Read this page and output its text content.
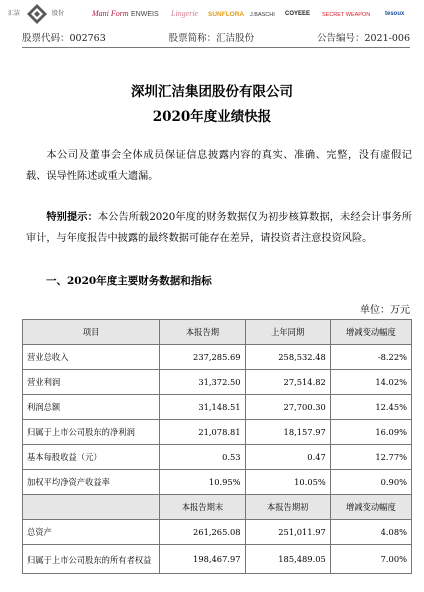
汇洁	股份	Mani Form ENWEIS Lingerie SUNFLORA J.BASCHI COYEEE SECRET WEAPON tesoux
股票代码：002763	股票简称：汇洁股份	公告编号：2021-006
深圳汇洁集团股份有限公司
2020年度业绩快报
本公司及董事会全体成员保证信息披露内容的真实、准确、完整，没有虚假记载、误导性陈述或重大遗漏。
特别提示：本公告所载2020年度的财务数据仅为初步核算数据，未经会计事务所审计，与年度报告中披露的最终数据可能存在差异，请投资者注意投资风险。
一、2020年度主要财务数据和指标
单位：万元
项目	本报告期	上年同期	增减变动幅度
营业总收入	237,285.69	258,532.48	-8.22%
营业利润	31,372.50	27,514.82	14.02%
利润总额	31,148.51	27,700.30	12.45%
归属于上市公司股东的净利润	21,078.81	18,157.97	16.09%
基本每股收益（元）	0.53	0.47	12.77%
加权平均净资产收益率	10.95%	10.05%	0.90%
	本报告期末	本报告期初	增减变动幅度
总资产	261,265.08	251,011.97	4.08%

归属于上市公司股东的所有者权益	198,467.97	185,489.05	7.00%
